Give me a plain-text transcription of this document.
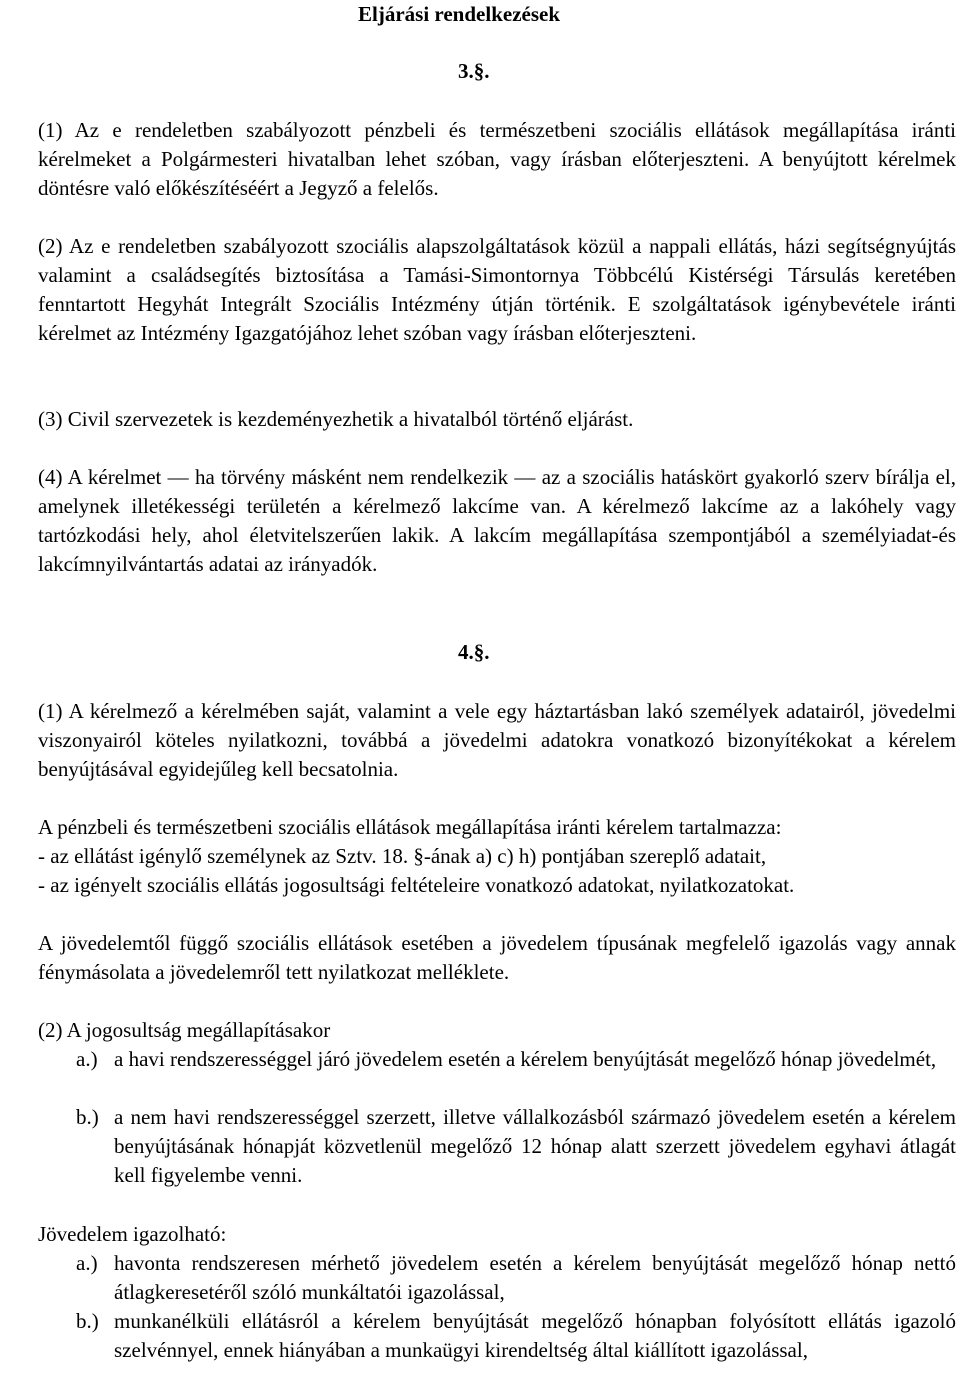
Eljárási rendelkezések
3.§.

(1) Az e rendeletben szabályozott pénzbeli és természetbeni szociális ellátások megállapítása iránti kérelmeket a Polgármesteri hivatalban lehet szóban, vagy írásban előterjeszteni. A benyújtott kérelmek döntésre való előkészítéséért a Jegyző a felelős.

(2) Az e rendeletben szabályozott szociális alapszolgáltatások közül a nappali ellátás, házi segítségnyújtás valamint a családsegítés biztosítása a Tamási-Simontornya Többcélú Kistérségi Társulás keretében fenntartott Hegyhát Integrált Szociális Intézmény útján történik. E szolgáltatások igénybevétele iránti kérelmet az Intézmény Igazgatójához lehet szóban vagy írásban előterjeszteni.

(3) Civil szervezetek is kezdeményezhetik a hivatalból történő eljárást.

(4) A kérelmet ― ha törvény másként nem rendelkezik ― az a szociális hatáskört gyakorló szerv bírálja el, amelynek illetékességi területén a kérelmező lakcíme van. A kérelmező lakcíme az a lakóhely vagy tartózkodási hely, ahol életvitelszerűen lakik. A lakcím megállapítása szempontjából a személyiadat-és lakcímnyilvántartás adatai az irányadók.

4.§.

(1) A kérelmező a kérelmében saját, valamint a vele egy háztartásban lakó személyek adatairól, jövedelmi viszonyairól köteles nyilatkozni, továbbá a jövedelmi adatokra vonatkozó bizonyítékokat a kérelem benyújtásával egyidejűleg kell becsatolnia.

A pénzbeli és természetbeni szociális ellátások megállapítása iránti kérelem tartalmazza:

- az ellátást igénylő személynek az Sztv. 18. §-ának a) c) h) pontjában szereplő adatait,

- az igényelt szociális ellátás jogosultsági feltételeire vonatkozó adatokat, nyilatkozatokat.

A jövedelemtől függő szociális ellátások esetében a jövedelem típusának megfelelő igazolás vagy annak fénymásolata a jövedelemről tett nyilatkozat melléklete.

(2) A jogosultság megállapításakor

a.) a havi rendszerességgel járó jövedelem esetén a kérelem benyújtását megelőző hónap jövedelmét,

b.) a nem havi rendszerességgel szerzett, illetve vállalkozásból származó jövedelem esetén a kérelem benyújtásának hónapját közvetlenül megelőző 12 hónap alatt szerzett jövedelem egyhavi átlagát kell figyelembe venni.

Jövedelem igazolható:

a.) havonta rendszeresen mérhető jövedelem esetén a kérelem benyújtását megelőző hónap nettó átlagkeresetéről szóló munkáltatói igazolással,

b.) munkanélküli ellátásról a kérelem benyújtását megelőző hónapban folyósított ellátás igazoló szelvénnyel, ennek hiányában a munkaügyi kirendeltség által kiállított igazolással,
